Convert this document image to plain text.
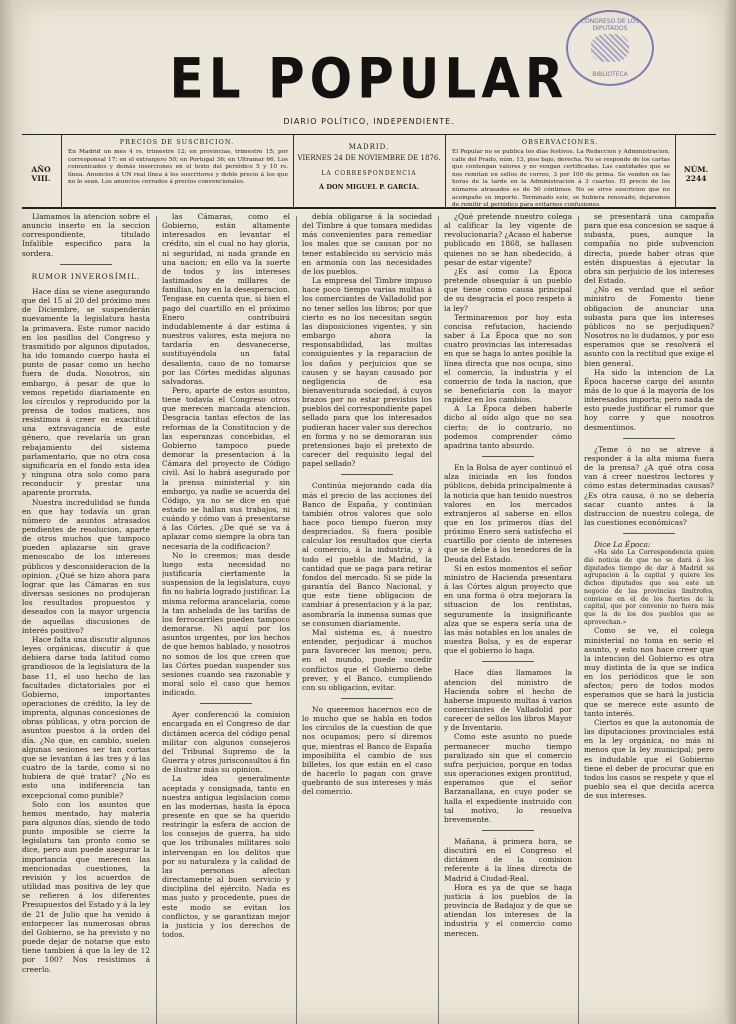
EL POPULAR
DIARIO POLÍTICO, INDEPENDIENTE.
CONGRESO DE LOS DIPUTADOS
BIBLIOTECA
AÑO VIII.
PRECIOS DE SUSCRICION.
En Madrid un mes 4 rs. trimestre 12; en provincias, trimestre 15; por corresponsal 17; en el extranjero 50; en Portugal 36; en Ultramar 66. Los comunicados y demás inserciones en el texto del periódico 5 y 10 rs. línea. Anuncios á UN real línea á los suscritores y doble precio á los que no lo sean. Los anuncios cerrados á precios convencionales.
MADRID.
VIERNES 24 DE NOVIEMBRE DE 1876.
LA CORRESPONDENCIA
Á DON MIGUEL P. GARCÍA.
OBSERVACIONES.
El Popular no se publica los días festivos. La Redaccion y Administracion, calle del Prado, núm. 13, piso bajo, derecha. No se responde de los cartas que contengan valores y no vengan certificadas. Las cantidades que se nos remitan en sellos de correo, 3 por 100 de prima. Se venden en las horas de la tarde en la Administracion á 3 cuartos. El precio de los números atrasados es de 50 céntimos. No se sirve suscricion que no acompañe su importe. Terminado este, se hubiera renovado, dejaremos de remitir el periódico para evitarnos confusiones.
NÚM. 2244

Llamamos la atencion sobre el anuncio inserto en la seccion correspondiente, titulado Infalible especifico para la sordera.

RUMOR INVEROSÍMIL.

Hace días se viene asegurando que del 15 al 20 del próximo mes de Diciembre, se suspenderán nuevamente la legislatura hasta la primavera. Este rumor nacido en los pasillos del Congreso y trasmitido por algunos diputados, ha ido tomando cuerpo hasta el punto de pasar como un hecho fuera de duda. Nosotros, sin embargo, á pesar de que lo vemos repetido diariamente en los círculos y reproducido por la prensa de todos matices, nos resistimos á creer en exactitud una extravagancia de este género, que revelaría un gran rebajamiento del sistema parlamentario, que no otra cosa significaría en el fondo esta idea y ninguna otra solo como para reconducir y prestar una aparente prorrata.

Nuestra incredulidad se funda en que hay todavía un gran número de asuntos atrasados pendientes de resolucion, aparte de otros muchos que tampoco pueden aplazarse sin grave menoscabo de los intereses públicos y desconsideracion de la opinion. ¿Qué se hizo ahora para lograr que las Cámaras en sus diversas sesiones no produjeran los resultados propuestos y deseados con la mayor urgencia de aquellas discusiones de interés positivo?

Hace falta una discutir algunos leyes orgánicas, discutir á que debiera darse toda latitud como grandiosos de la legislatura de la base 11, el uso hecho de las facultades dictatoriales por el Gobierno, importantes operaciones de crédito, la ley de imprenta, algunas concesiones de obras públicas, y otra porcion de asuntos puestos á la orden del día. ¿No que, en cambio, suelen algunas sesiones ser tan cortas que se levantan á las tres y á las cuatro de la tarde, como si no hubiera de qué tratar? ¿No es esto una indiferencia tan excepcional como punible?

Solo con los asuntos que hemos mentado, hay materia para algunos días, siendo de todo punto imposible se cierre la legislatura tan pronto como se dice, pero aun puede asegurar la importancia que merecen las mencionadas cuestiones, la revisión y los acuerdos de utilidad mas positiva de ley que se refieren á los diferentes Presupuestos del Estado y á la ley de 21 de Julio que ha venido á entorpecer las numerosas obras del Gobierno, se ha previsto y no puede dejar de notarse que esto tiene tambien á que la ley de 12 por 100? Nos resistimos á creerlo.

las Cámaras, como el Gobierno, están altamente interesados en levantar el crédito, sin el cual no hay gloria, ni seguridad, ni nada grande en una nacion; en ello va la suerte de todos y los intereses lastimados de millares de familias, hoy en la desesperacion. Tengase en cuenta que, si bien el pago del cuartillo en el próximo Enero contribuirá indudablemente á dar estima á nuestros valores, esta mejora no tardaría en desvanecerse, sustituyéndola un fatal desaliento, caso de no tomarse por las Córtes medidas algunas salvadoras.

Pero, aparte de estos asuntos, tiene todavía el Congreso otros que merecen marcada atencion. Desgracia tantas efectos de las reformas de la Constitucion y de las esperanzas concebidas, el Gobierno tampoco puede demorar la presentacion á la Cámara del proyecto de Código civil. Así lo habrá asegurado por la prensa ministerial y sin embargo, ya nadie se acuerda del Código, ya no se dice en qué estado se hallan sus trabajos, ni cuándo y cómo van á presentarse á las Córtes. ¿De qué se va á aplazar como siempre la obra tan necesaria de la codificacion?

No lo creemos; mas desde luego esta necesidad no justificaría ciertamente la suspension de la legislatura, cuyo fin no habria logrado justificar. La misma reforma arancelaria, como la tan anhelada de las tarifas de los ferrocarriles pueden tampoco demorarse. Ni aquí por los asuntos urgentes, por los hechos de que hemos hablado, y nosotros no somos de los que creen que las Córtes puedan suspender sus sesiones cuando sea razonable y moral solo el caso que hemos indicado.

Ayer conferenció la comision encargada en el Congreso de dar dictámen acerca del código penal militar con algunos consejeros del Tribunal Supremo de la Guerra y otros jurisconsultos á fin de ilustrar más su opinion.

La idea generalmente aceptada y consignada, tanto en nuestra antigua legislacion como en las modernas, hasta la época presente en que se ha querido restringir la esfera de accion de los consejos de guerra, ha sido que los tribunales militares solo intervengan en los delitos que por su naturaleza y la calidad de las personas afectan directamente al buen servicio y disciplina del ejército. Nada es mas justo y procedente, pues de este modo se evitan los conflictos, y se garantizan mejor la justicia y los derechos de todos.

debía obligarse á la sociedad del Timbre á que tomara medidas más convenientes para remediar los males que se causan por no tener establecido su servicio más en armonía con las necesidades de los pueblos.

La empresa del Timbre impuso hace poco tiempo varias multas á los comerciantes de Valladolid por no tener sellos los libros; por que cierto es no los necesitan según las disposiciones vigentes, y sin embargo ahora la responsabilidad, las multas consiguientes y la reparacion de los daños y perjuicios que se causen y se hayan causado por negligencia de esa bienaventurada sociedad, á cuyos brazos por no estar previstos los pueblos del correspondiente papel sellado para que los interesados pudieran hacer valer sus derechos en forma y no se demoraran sus pretensiones bajo el pretexto de carecer del requisito legal del papel sellado?

Continúa mejorando cada día más el precio de las acciones del Banco de España, y continúan también otros valores que solo hace poco tiempo fueron muy despreciados. Si fuera posible calcular los resultados que cierta al comercio, á la industria, y á todo el pueblo de Madrid, la cantidad que se paga para retirar fondos del mercado. Si se pide la garantía del Banco Nacional, y que este tiene obligacion de cambiar á presentacion y á la par, asombraría la inmensa sumas que se consumen diariamente.

Mal sistema es, á nuestro entender, perjudicar á muchos para favorecer los menos; pero, en el mundo, puede sucedir conflictos que el Gobierno debe prever, y el Banco, cumpliendo con su obligacion, evitar.

No queremos hacernos eco de lo mucho que se habla en todos los círculos de la cuestion de que nos ocupamos; pero sí diremos que, mientras el Banco de España imposibilita el cambio de sus billetes, los que están en el caso de hacerlo lo pagan con grave quebranto de sus intereses y más del comercio.

¿Qué pretende nuestro colega al calificar la ley vigente de revolucionaria? ¿Acaso el haberse publicado en 1868, se hallasen quienes no se han obedecido, á pesar de estar vigente?

¿Es así como La Época pretende obsequiar á un pueblo que tiene como causa principal de su desgracia el poco respeto á la ley?

Terminaremos por hoy esta concisa refutacion, haciendo saber á La Época que no son cuatro provincias las interesadas en que se haga lo antes posible la línea directa que nos ocupa, sino el comercio, la industria y el comercio de toda la nacion, que se beneficiaría con la mayor rapidez en los cambios.

A La Época deben haberle dicho al oído algo que no sea cierto; de lo contrario, no podemos comprender cómo apadrina tanto absurdo.

En la Bolsa de ayer continuó el alza iniciada en los fondos públicos, debida principalmente á la noticia que han tenido nuestros valores en los mercados extranjeros al saberse en ellos que en los primeros días del próximo Enero será satisfecho el cuartillo por ciento de intereses que se debe á los tenedores de la Deuda del Estado.

Si en estos momentos el señor ministro de Hacienda presentara á las Córtes algun proyecto que en una forma ó otra mejorara la situacion de los rentistas, seguramente la insignificante alza que se espera sería una de las más notables en los anales de nuestra Bolsa, y es de esperar que el gobierno lo haga.

Hace días llamamos la atencion del ministro de Hacienda sobre el hecho de haberse impuesto multas á varios comerciantes de Valladolid por carecer de sellos los libros Mayor y de Inventario.

Como este asunto no puede permanecer mucho tiempo paralizado sin que el comercio sufra perjuicios, porque en todas sus operaciones exigen prontitud, esperamos que el señor Barzanallana, en cuyo poder se halla el expediente instruido con tal motivo, lo resuelva brevemente.

Mañana, á primera hora, se discutirá en el Congreso el dictámen de la comision referente á la línea directa de Madrid á Ciudad-Real.

Hora es ya de que se haga justicia á los pueblos de la provincia de Badajoz y de que se atiendan los intereses de la industria y el comercio como merecen.

se presentará una campaña para que esa concesion se saque á subasta, pues, aunque la compañía no pide subvencion directa, puede haber otras que estén dispuestas á ejecutar la obra sin perjuicio de los intereses del Estado.

¿No es verdad que el señor ministro de Fomento tiene obligacion de anunciar una subasta para que los intereses públicos no se perjudiquen? Nosotros no lo dudamos, y por eso esperamos que se resolverá el asunto con la rectitud que exige el bien general.

Ha sido la intencion de La Época hacerse cargo del asunto más de lo que á la mayoría de los interesados importa; pero nada de esto puede justificar el rumor que hoy corre y que nosotros desmentimos.

¿Teme ó no se atreve á responder á la alta misma fuera de la prensa? ¿A qué otra cosa van á creer nuestros lectores y cómo estas determinadas causas? ¿Es otra causa, ó no se debería sacar cuanto antes á la distraccion de nuestro colega, de las cuestiones económicas?

Dice La Época:

«Ha sido La Correspondencia quien dió noticia de que no se dará á los diputados tiempo de dar á Madrid su agrupacion á la capital y quiere los dichos diputados que sea este un negocio de las provincias limítrofes, conviene en el de los fuertes de la capital, que por convenio no fuera más que la de los dos pueblos que se aprovechan.»

Como se ve, el colega ministerial no toma en serio el asunto, y esto nos hace creer que la intencion del Gobierno es otra muy distinta de la que se indica en los periódicos que le son afectos; pero de todos modos esperamos que se hará la justicia que se merece este asunto de tanto interés.

Ciertos es que la autonomía de las diputaciones provinciales está en la ley orgánica, no más ni menos que la ley municipal; pero es indudable que el Gobierno tiene el deber de procurar que en todos los casos se respete y que el pueblo sea el que decida acerca de sus intereses.
